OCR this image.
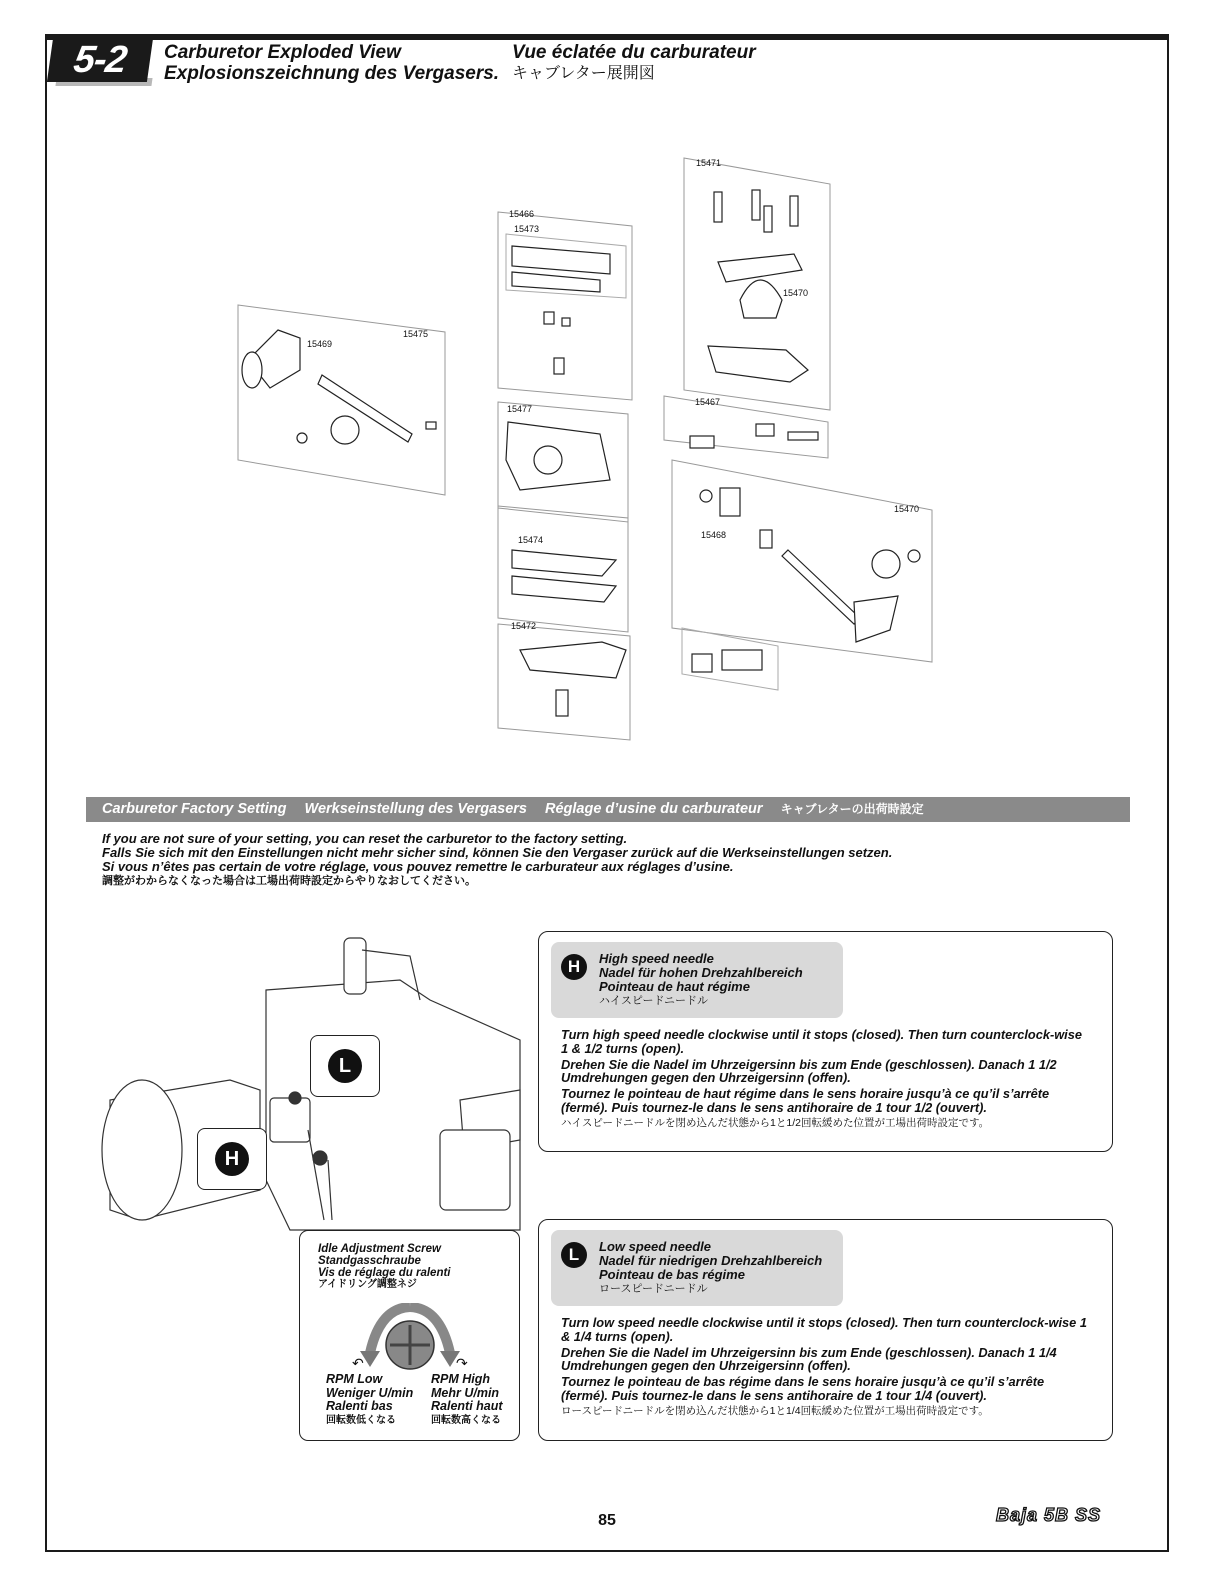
5-2	Carburetor Exploded View
Explosionszeichnung des Vergasers.
Vue éclatée du carburateur
キャブレター展開図
15471
15466
15473
15470
15475
15469
15477
15467
15470
15468
15474
15472
Carburetor Factory Setting Werkseinstellung des Vergasers Réglage d’usine du carburateur キャブレターの出荷時設定
If you are not sure of your setting, you can reset the carburetor to the factory setting.
Falls Sie sich mit den Einstellungen nicht mehr sicher sind, können Sie den Vergaser zurück auf die Werkseinstellungen setzen.
Si vous n’êtes pas certain de votre réglage, vous pouvez remettre le carburateur aux réglages d’usine.
調整がわからなくなった場合は工場出荷時設定からやりなおしてください。
L
H
Idle Adjustment Screw
Standgasschraube
Vis de réglage du ralenti
アイドリング調整ネジ
↶	↷
RPM Low
Weniger U/min
Ralenti bas
回転数低くなる
RPM High
Mehr U/min
Ralenti haut
回転数高くなる
H	High speed needle
Nadel für hohen Drehzahlbereich
Pointeau de haut régime
ハイスピードニードル

Turn high speed needle clockwise until it stops (closed). Then turn counterclock-wise 1 & 1/2 turns (open).

Drehen Sie die Nadel im Uhrzeigersinn bis zum Ende (geschlossen). Danach 1 1/2 Umdrehungen gegen den Uhrzeigersinn (offen).

Tournez le pointeau de haut régime dans le sens horaire jusqu’à ce qu’il s’arrête (fermé). Puis tournez-le dans le sens antihoraire de 1 tour 1/2 (ouvert).

ハイスピードニードルを閉め込んだ状態から1と1/2回転緩めた位置が工場出荷時設定です。

L	Low speed needle
Nadel für niedrigen Drehzahlbereich
Pointeau de bas régime
ロースピードニードル

Turn low speed needle clockwise until it stops (closed). Then turn counterclock-wise 1 & 1/4 turns (open).

Drehen Sie die Nadel im Uhrzeigersinn bis zum Ende (geschlossen). Danach 1 1/4 Umdrehungen gegen den Uhrzeigersinn (offen).

Tournez le pointeau de bas régime dans le sens horaire jusqu’à ce qu’il s’arrête (fermé). Puis tournez-le dans le sens antihoraire de 1 tour 1/4 (ouvert).

ロースピードニードルを閉め込んだ状態から1と1/4回転緩めた位置が工場出荷時設定です。

85	Baja 5B SS
